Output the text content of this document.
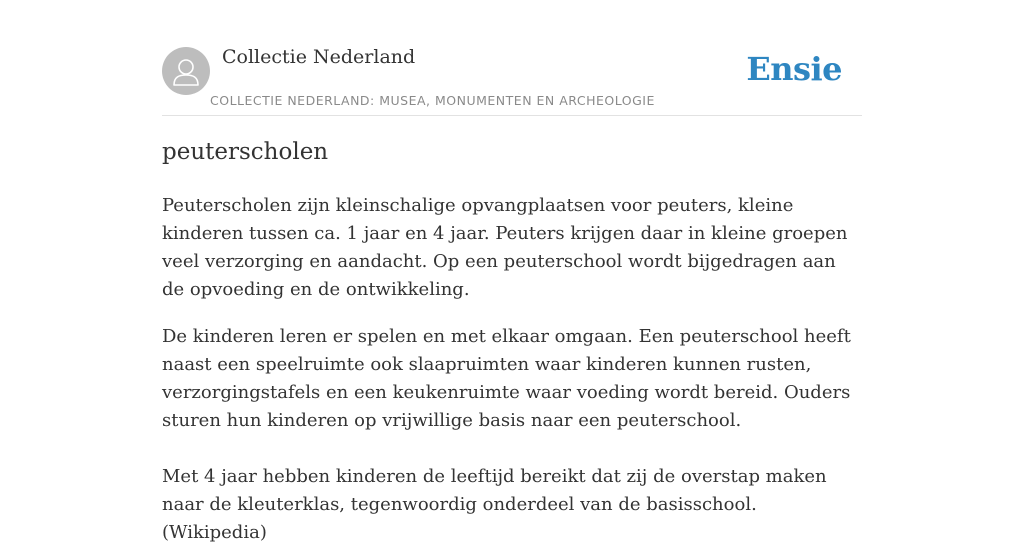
Collectie Nederland
COLLECTIE NEDERLAND: MUSEA, MONUMENTEN EN ARCHEOLOGIE
Ensie
peuterscholen

Peuterscholen zijn kleinschalige opvangplaatsen voor peuters, kleine kinderen tussen ca. 1 jaar en 4 jaar. Peuters krijgen daar in kleine groepen veel verzorging en aandacht. Op een peuterschool wordt bijgedragen aan de opvoeding en de ontwikkeling.

De kinderen leren er spelen en met elkaar omgaan. Een peuterschool heeft naast een speelruimte ook slaapruimten waar kinderen kunnen rusten, verzorgingstafels en een keukenruimte waar voeding wordt bereid. Ouders sturen hun kinderen op vrijwillige basis naar een peuterschool.

Met 4 jaar hebben kinderen de leeftijd bereikt dat zij de overstap maken naar de kleuterklas, tegenwoordig onderdeel van de basisschool. (Wikipedia)
